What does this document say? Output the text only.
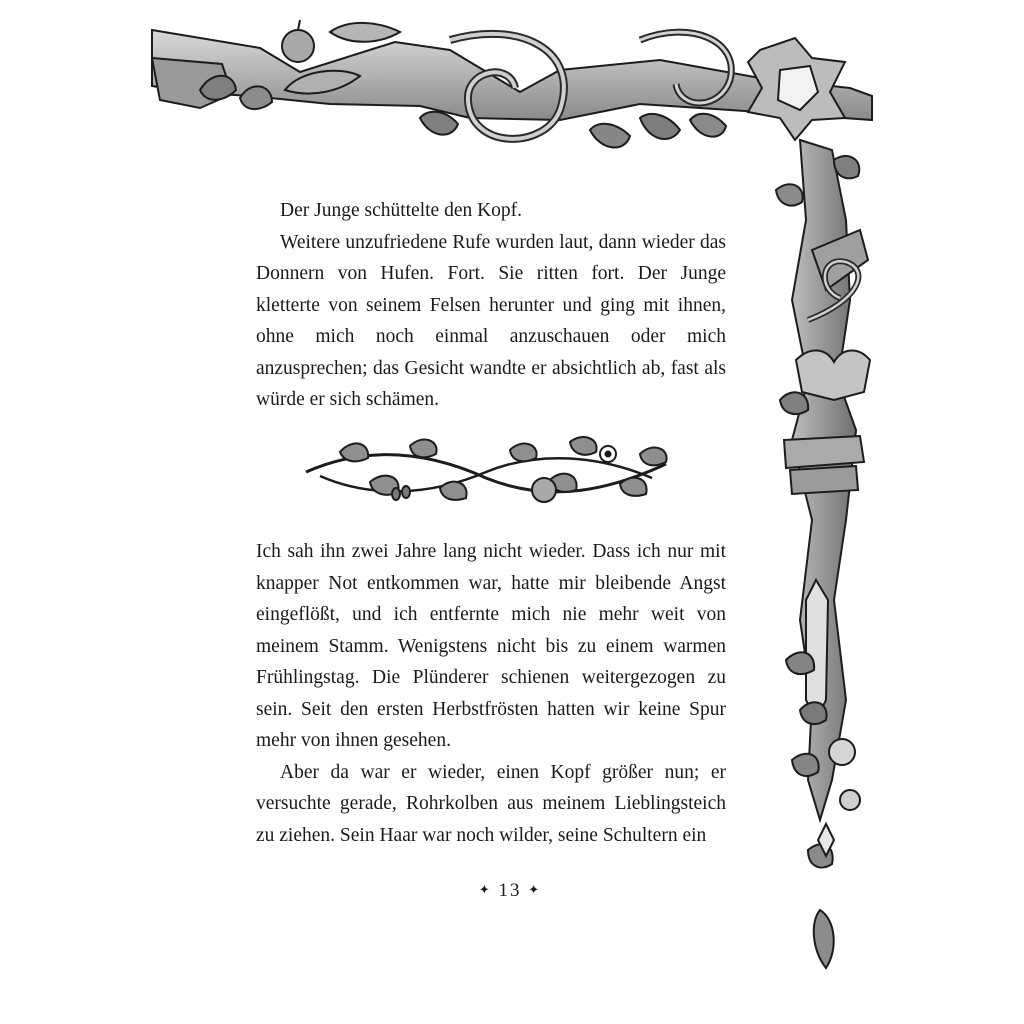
Der Junge schüttelte den Kopf.

Weitere unzufriedene Rufe wurden laut, dann wieder das Donnern von Hufen. Fort. Sie ritten fort. Der Junge kletterte von seinem Felsen herunter und ging mit ihnen, ohne mich noch einmal anzuschauen oder mich anzusprechen; das Gesicht wandte er absichtlich ab, fast als würde er sich schämen.

Ich sah ihn zwei Jahre lang nicht wieder. Dass ich nur mit knapper Not entkommen war, hatte mir bleibende Angst eingeflößt, und ich entfernte mich nie mehr weit von meinem Stamm. Wenigstens nicht bis zu einem warmen Frühlingstag. Die Plünderer schienen weitergezogen zu sein. Seit den ersten Herbstfrösten hatten wir keine Spur mehr von ihnen gesehen.

Aber da war er wieder, einen Kopf größer nun; er versuchte gerade, Rohrkolben aus meinem Lieblingsteich zu ziehen. Sein Haar war noch wilder, seine Schultern ein

✦ 13 ✦
